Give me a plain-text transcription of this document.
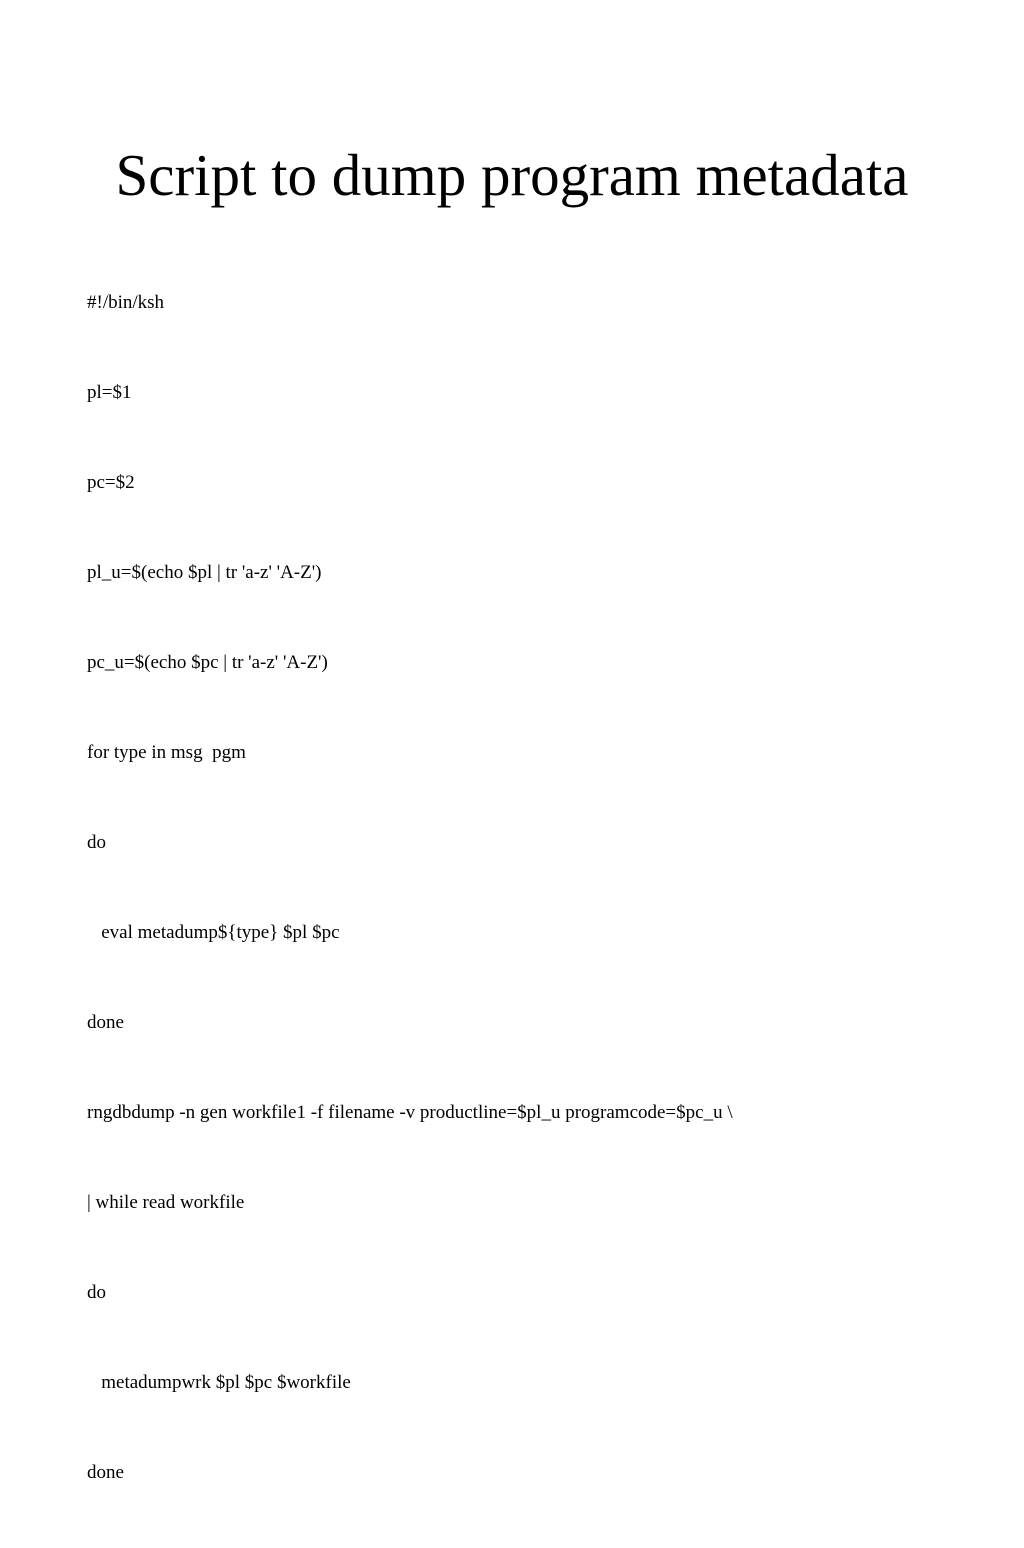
Script to dump program metadata

#!/bin/ksh

pl=$1

pc=$2

pl_u=$(echo $pl | tr 'a-z' 'A-Z')

pc_u=$(echo $pc | tr 'a-z' 'A-Z')

for type in msg  pgm

do

eval metadump${type} $pl $pc

done

rngdbdump -n gen workfile1 -f filename -v productline=$pl_u programcode=$pc_u \

| while read workfile

do

metadumpwrk $pl $pc $workfile

done
